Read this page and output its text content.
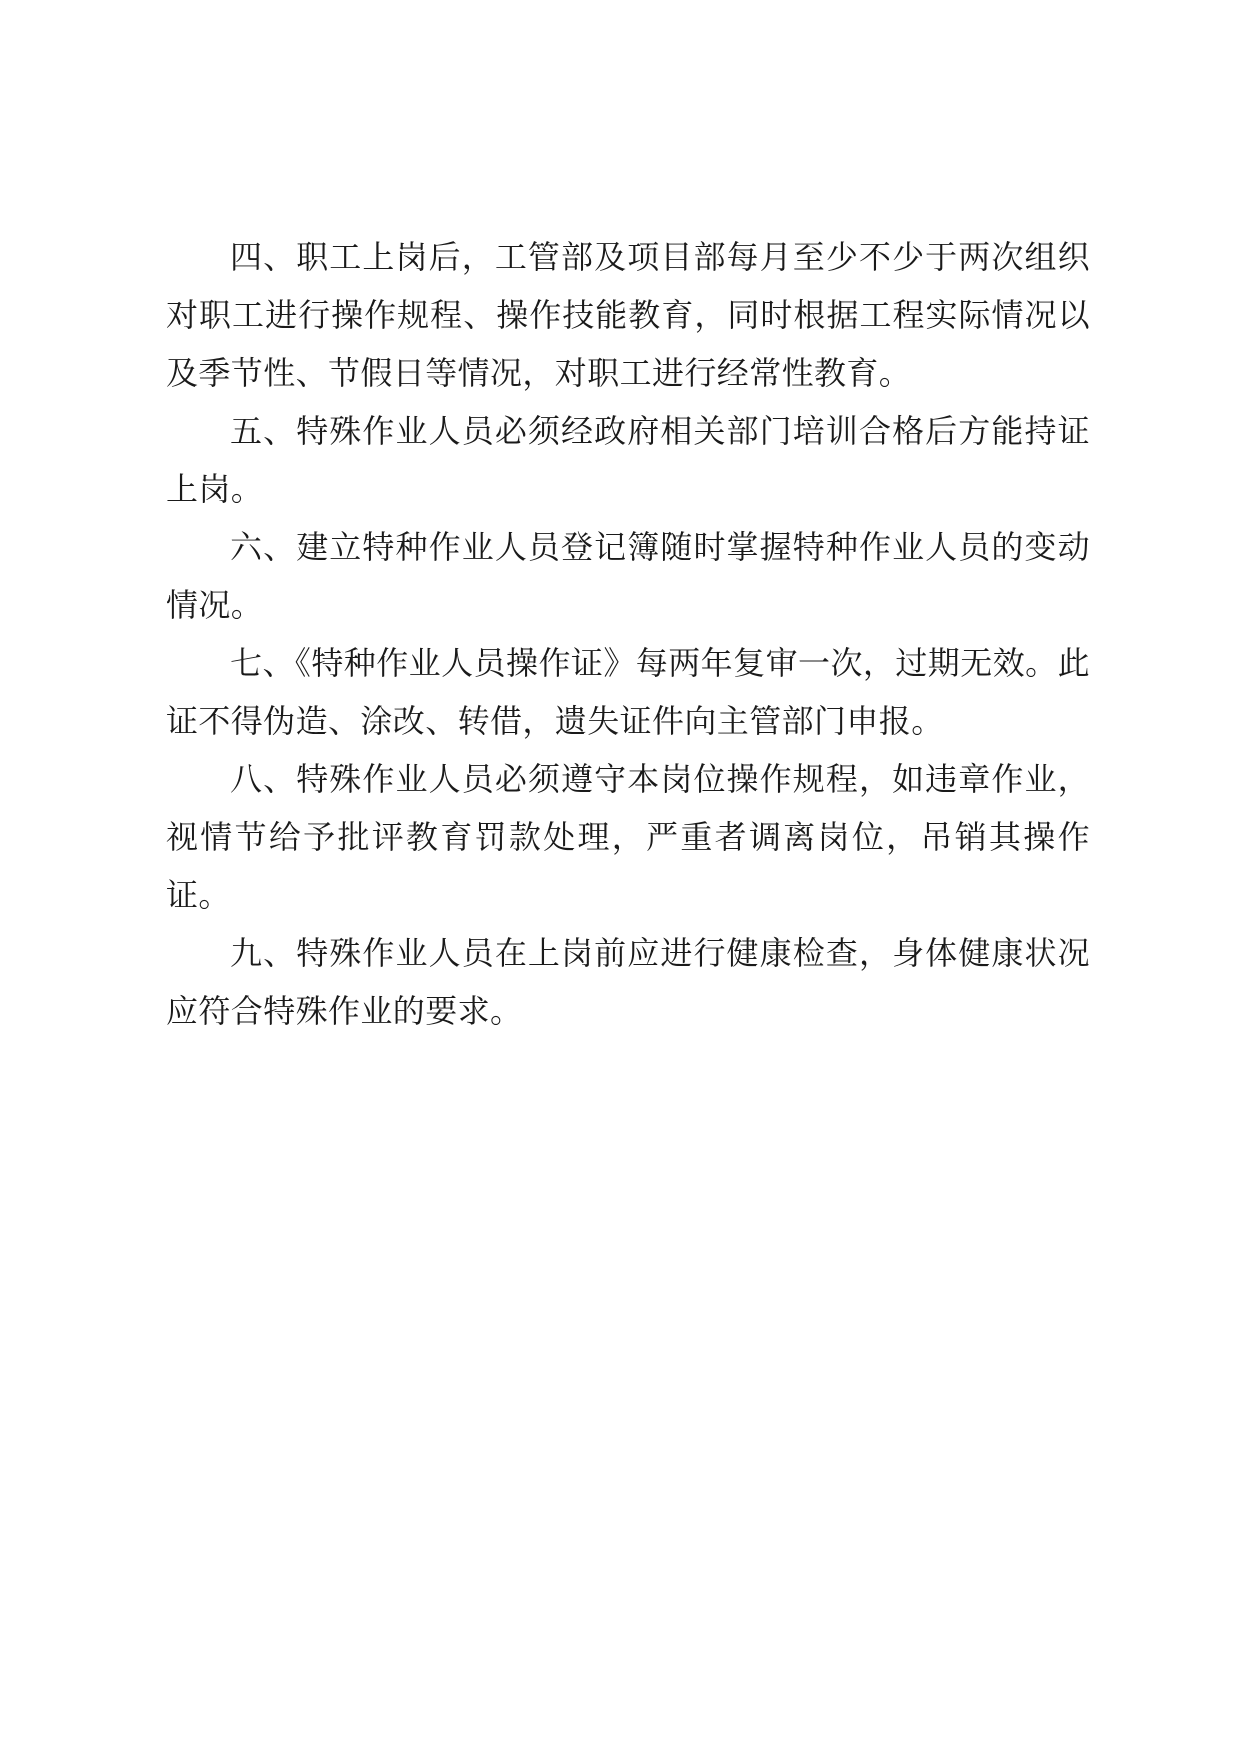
四、职工上岗后，工管部及项目部每月至少不少于两次组织对职工进行操作规程、操作技能教育，同时根据工程实际情况以及季节性、节假日等情况，对职工进行经常性教育。

五、特殊作业人员必须经政府相关部门培训合格后方能持证上岗。

六、建立特种作业人员登记簿随时掌握特种作业人员的变动情况。

七、《特种作业人员操作证》每两年复审一次，过期无效。此证不得伪造、涂改、转借，遗失证件向主管部门申报。

八、特殊作业人员必须遵守本岗位操作规程，如违章作业，视情节给予批评教育罚款处理，严重者调离岗位，吊销其操作证。

九、特殊作业人员在上岗前应进行健康检查，身体健康状况应符合特殊作业的要求。
